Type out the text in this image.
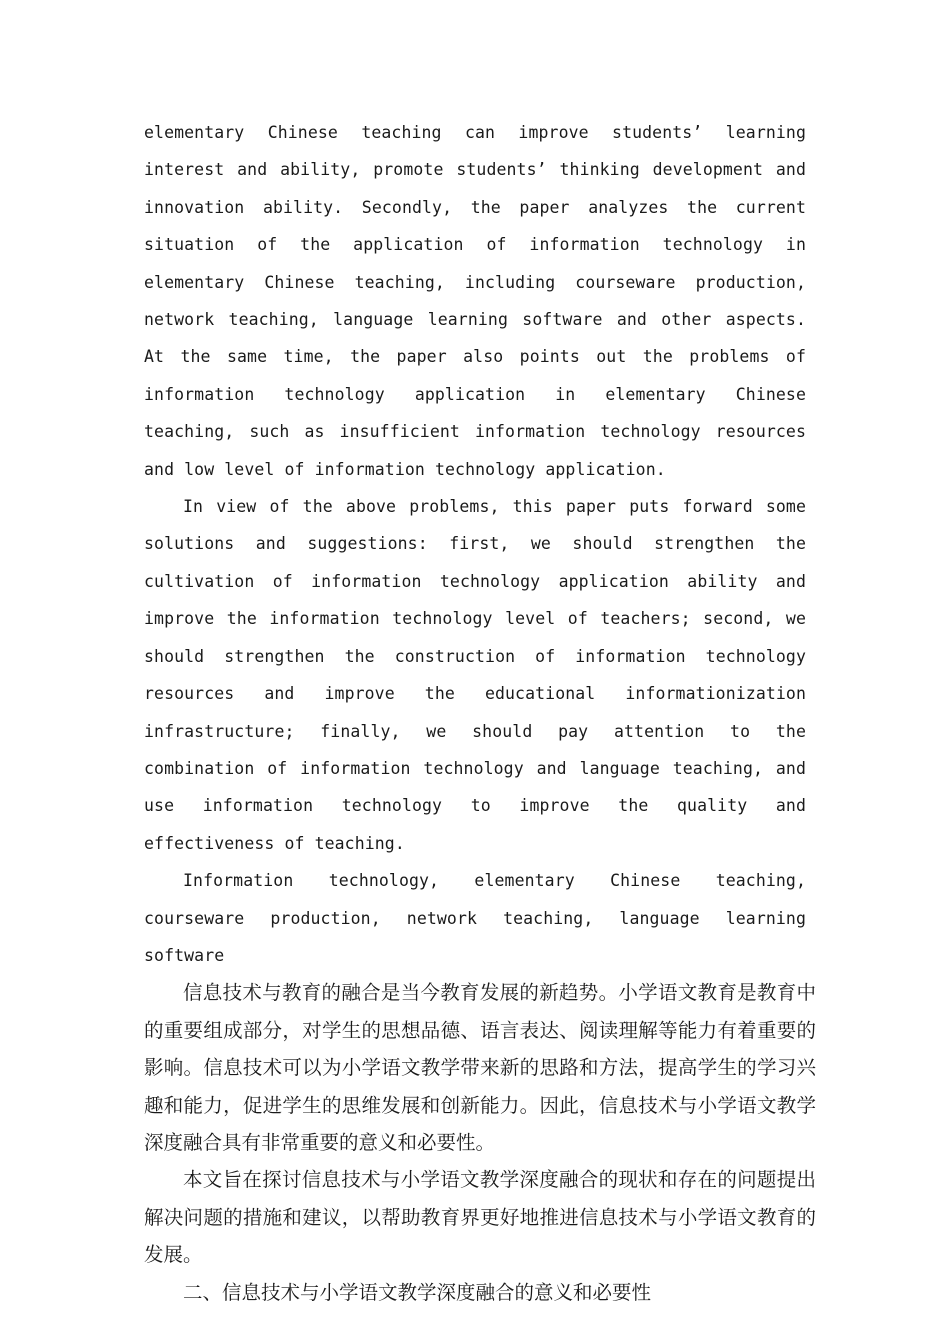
elementary Chinese teaching can improve students’ learning interest and ability, promote students’ thinking development and innovation ability. Secondly, the paper analyzes the current situation of the application of information technology in elementary Chinese teaching, including courseware production, network teaching, language learning software and other aspects. At the same time, the paper also points out the problems of information technology application in elementary Chinese teaching, such as insufficient information technology resources and low level of information technology application.

In view of the above problems, this paper puts forward some solutions and suggestions: first, we should strengthen the cultivation of information technology application ability and improve the information technology level of teachers; second, we should strengthen the construction of information technology resources and improve the educational informationization infrastructure; finally, we should pay attention to the combination of information technology and language teaching, and use information technology to improve the quality and effectiveness of teaching.

Information technology, elementary Chinese teaching, courseware production, network teaching, language learning software

信息技术与教育的融合是当今教育发展的新趋势。小学语文教育是教育中的重要组成部分，对学生的思想品德、语言表达、阅读理解等能力有着重要的影响。信息技术可以为小学语文教学带来新的思路和方法，提高学生的学习兴趣和能力，促进学生的思维发展和创新能力。因此，信息技术与小学语文教学深度融合具有非常重要的意义和必要性。

本文旨在探讨信息技术与小学语文教学深度融合的现状和存在的问题提出解决问题的措施和建议，以帮助教育界更好地推进信息技术与小学语文教育的发展。

二、信息技术与小学语文教学深度融合的意义和必要性
